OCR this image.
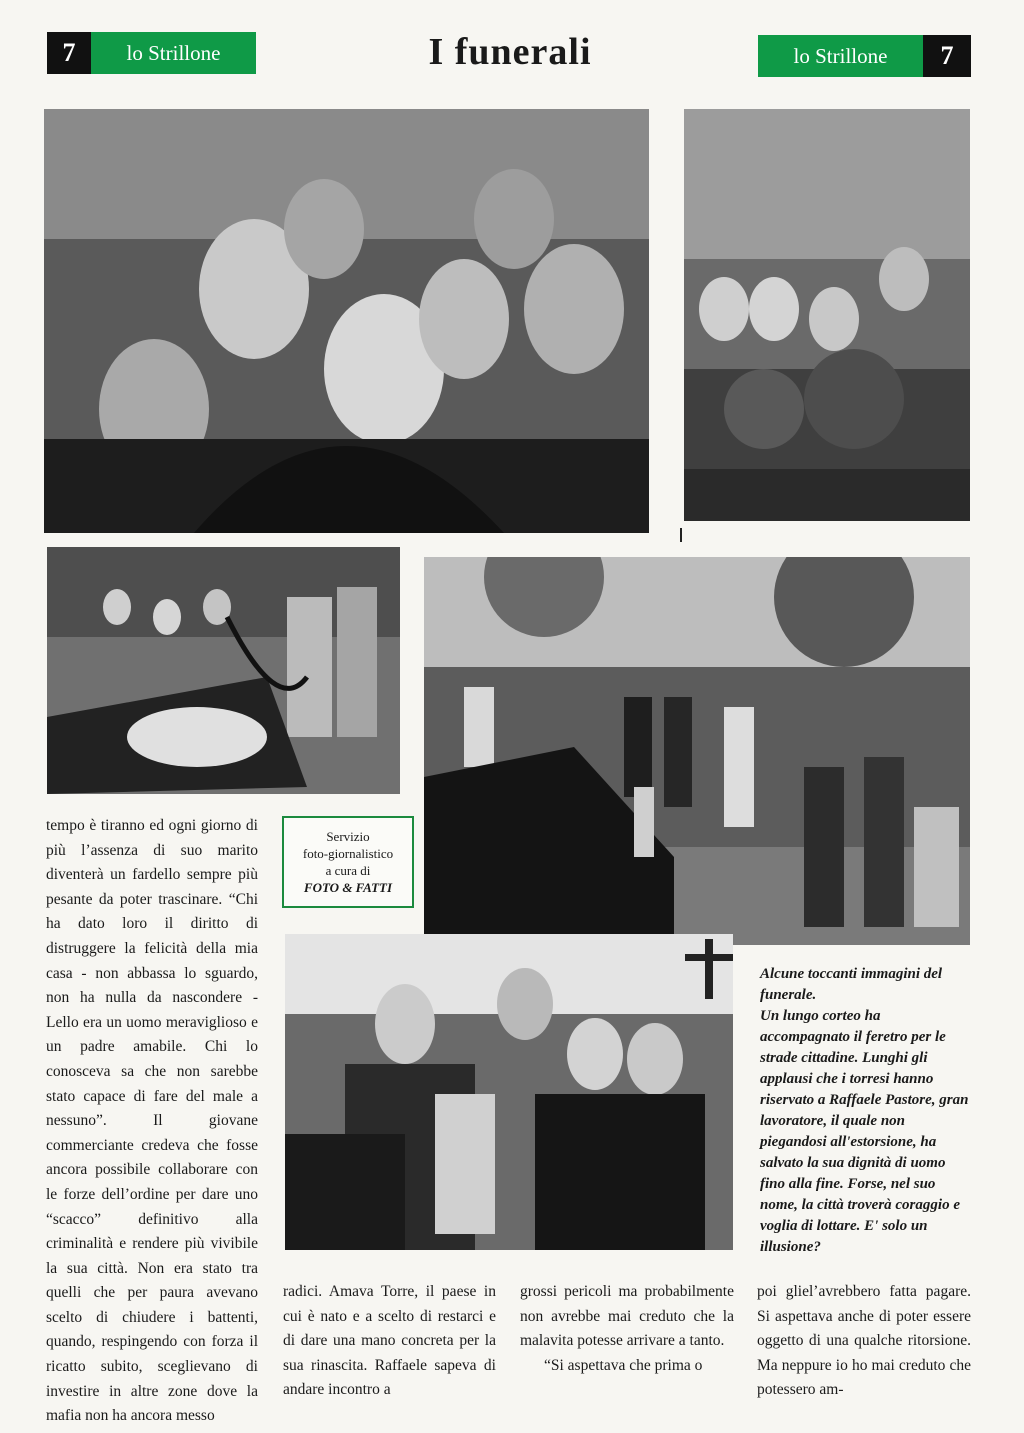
7	lo Strillone	I funerali	lo Strillone	7
Servizio
foto-giornalistico
a cura di
FOTO & FATTI

Alcune toccanti immagini del funerale.

Un lungo corteo ha accompagnato il feretro per le strade cittadine. Lunghi gli applausi che i torresi hanno riservato a Raffaele Pastore, gran lavoratore, il quale non piegandosi all'estorsione, ha salvato la sua dignità di uomo fino alla fine. Forse, nel suo nome, la città troverà coraggio e voglia di lottare. E' solo un illusione?

tempo è tiranno ed ogni giorno di più l’assenza di suo marito diventerà un fardello sempre più pesante da poter trascinare. “Chi ha dato loro il diritto di distruggere la felicità della mia casa - non abbassa lo sguardo, non ha nulla da nascondere - Lello era un uomo meraviglioso e un padre amabile. Chi lo conosceva sa che non sarebbe stato capace di fare del male a nessuno”. Il giovane commerciante credeva che fosse ancora possibile collaborare con le forze dell’ordine per dare uno “scacco” definitivo alla criminalità e rendere più vivibile la sua città. Non era stato tra quelli che per paura avevano scelto di chiudere i battenti, quando, respingendo con forza il ricatto subito, sceglievano di investire in altre zone dove la mafia non ha ancora messo

radici. Amava Torre, il paese in cui è nato e a scelto di restarci e di dare una mano concreta per la sua rinascita. Raffaele sapeva di andare incontro a

grossi pericoli ma probabilmente non avrebbe mai creduto che la malavita potesse arrivare a tanto.

“Si aspettava che prima o

poi gliel’avrebbero fatta pagare. Si aspettava anche di poter essere oggetto di una qualche ritorsione. Ma neppure io ho mai creduto che potessero am-
